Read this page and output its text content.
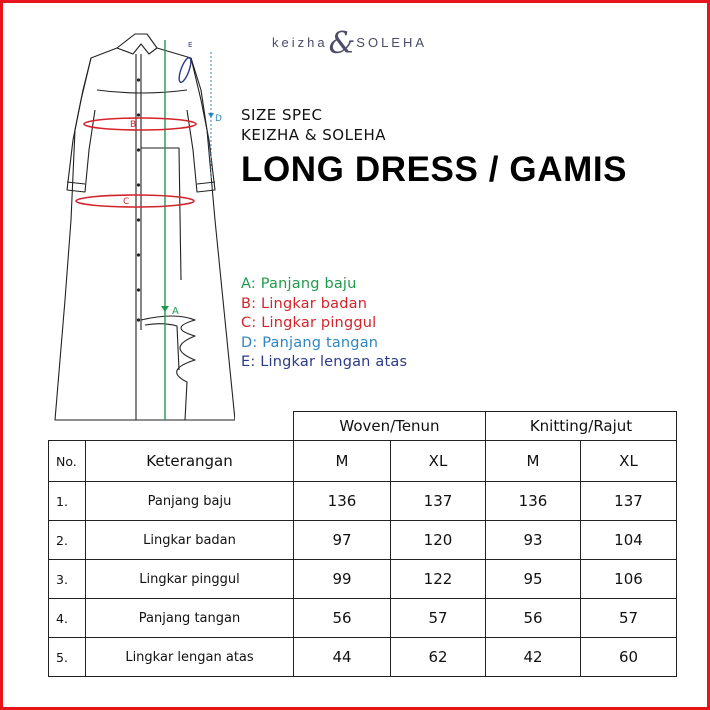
keizha&SOLEHA
A
B
C
D
E
SIZE SPEC
KEIZHA & SOLEHA
LONG DRESS / GAMIS
A: Panjang baju
B: Lingkar badan
C: Lingkar pinggul
D: Panjang tangan
E: Lingkar lengan atas
		Woven/Tenun		Knitting/Rajut	
No.	Keterangan	M	XL	M	XL
1.	Panjang baju	136	137	136	137
2.	Lingkar badan	97	120	93	104
3.	Lingkar pinggul	99	122	95	106
4.	Panjang tangan	56	57	56	57
5.	Lingkar lengan atas	44	62	42	60
